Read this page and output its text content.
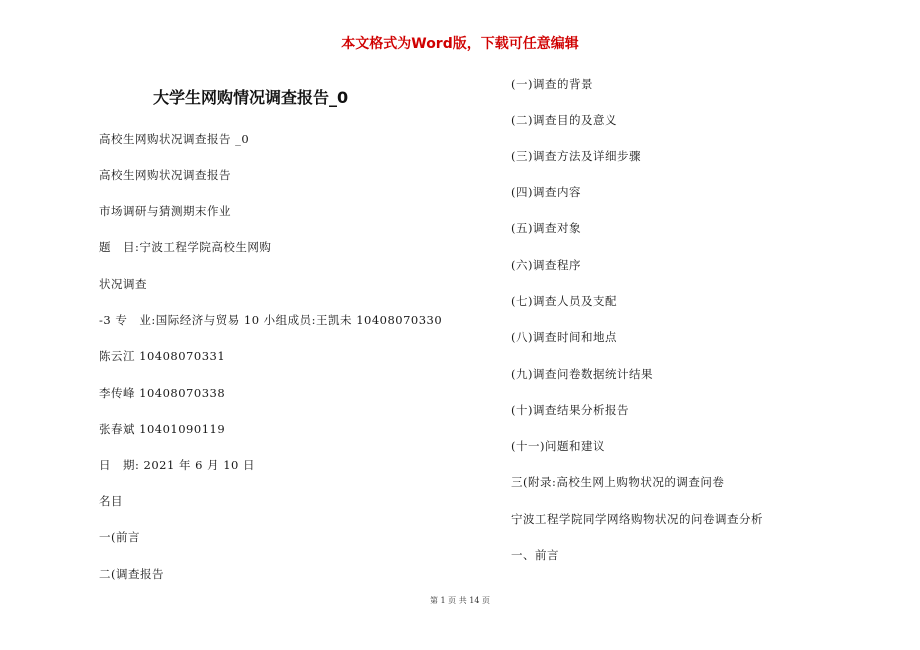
本文格式为Word版，下载可任意编辑
大学生网购情况调查报告_0
高校生网购状况调查报告 _0
高校生网购状况调查报告
市场调研与猜测期末作业
题　目:宁波工程学院高校生网购
状况调查
-3 专　业:国际经济与贸易 10 小组成员:王凯未 10408070330
陈云江 10408070331
李传峰 10408070338
张春斌 10401090119
日　期: 2021 年 6 月 10 日
名目
一(前言
二(调查报告
(一)调查的背景
(二)调查目的及意义
(三)调查方法及详细步骤
(四)调查内容
(五)调查对象
(六)调查程序
(七)调查人员及支配
(八)调查时间和地点
(九)调查问卷数据统计结果
(十)调查结果分析报告
(十一)问题和建议
三(附录:高校生网上购物状况的调查问卷
宁波工程学院同学网络购物状况的问卷调查分析
一、前言
第 1 页 共 14 页
